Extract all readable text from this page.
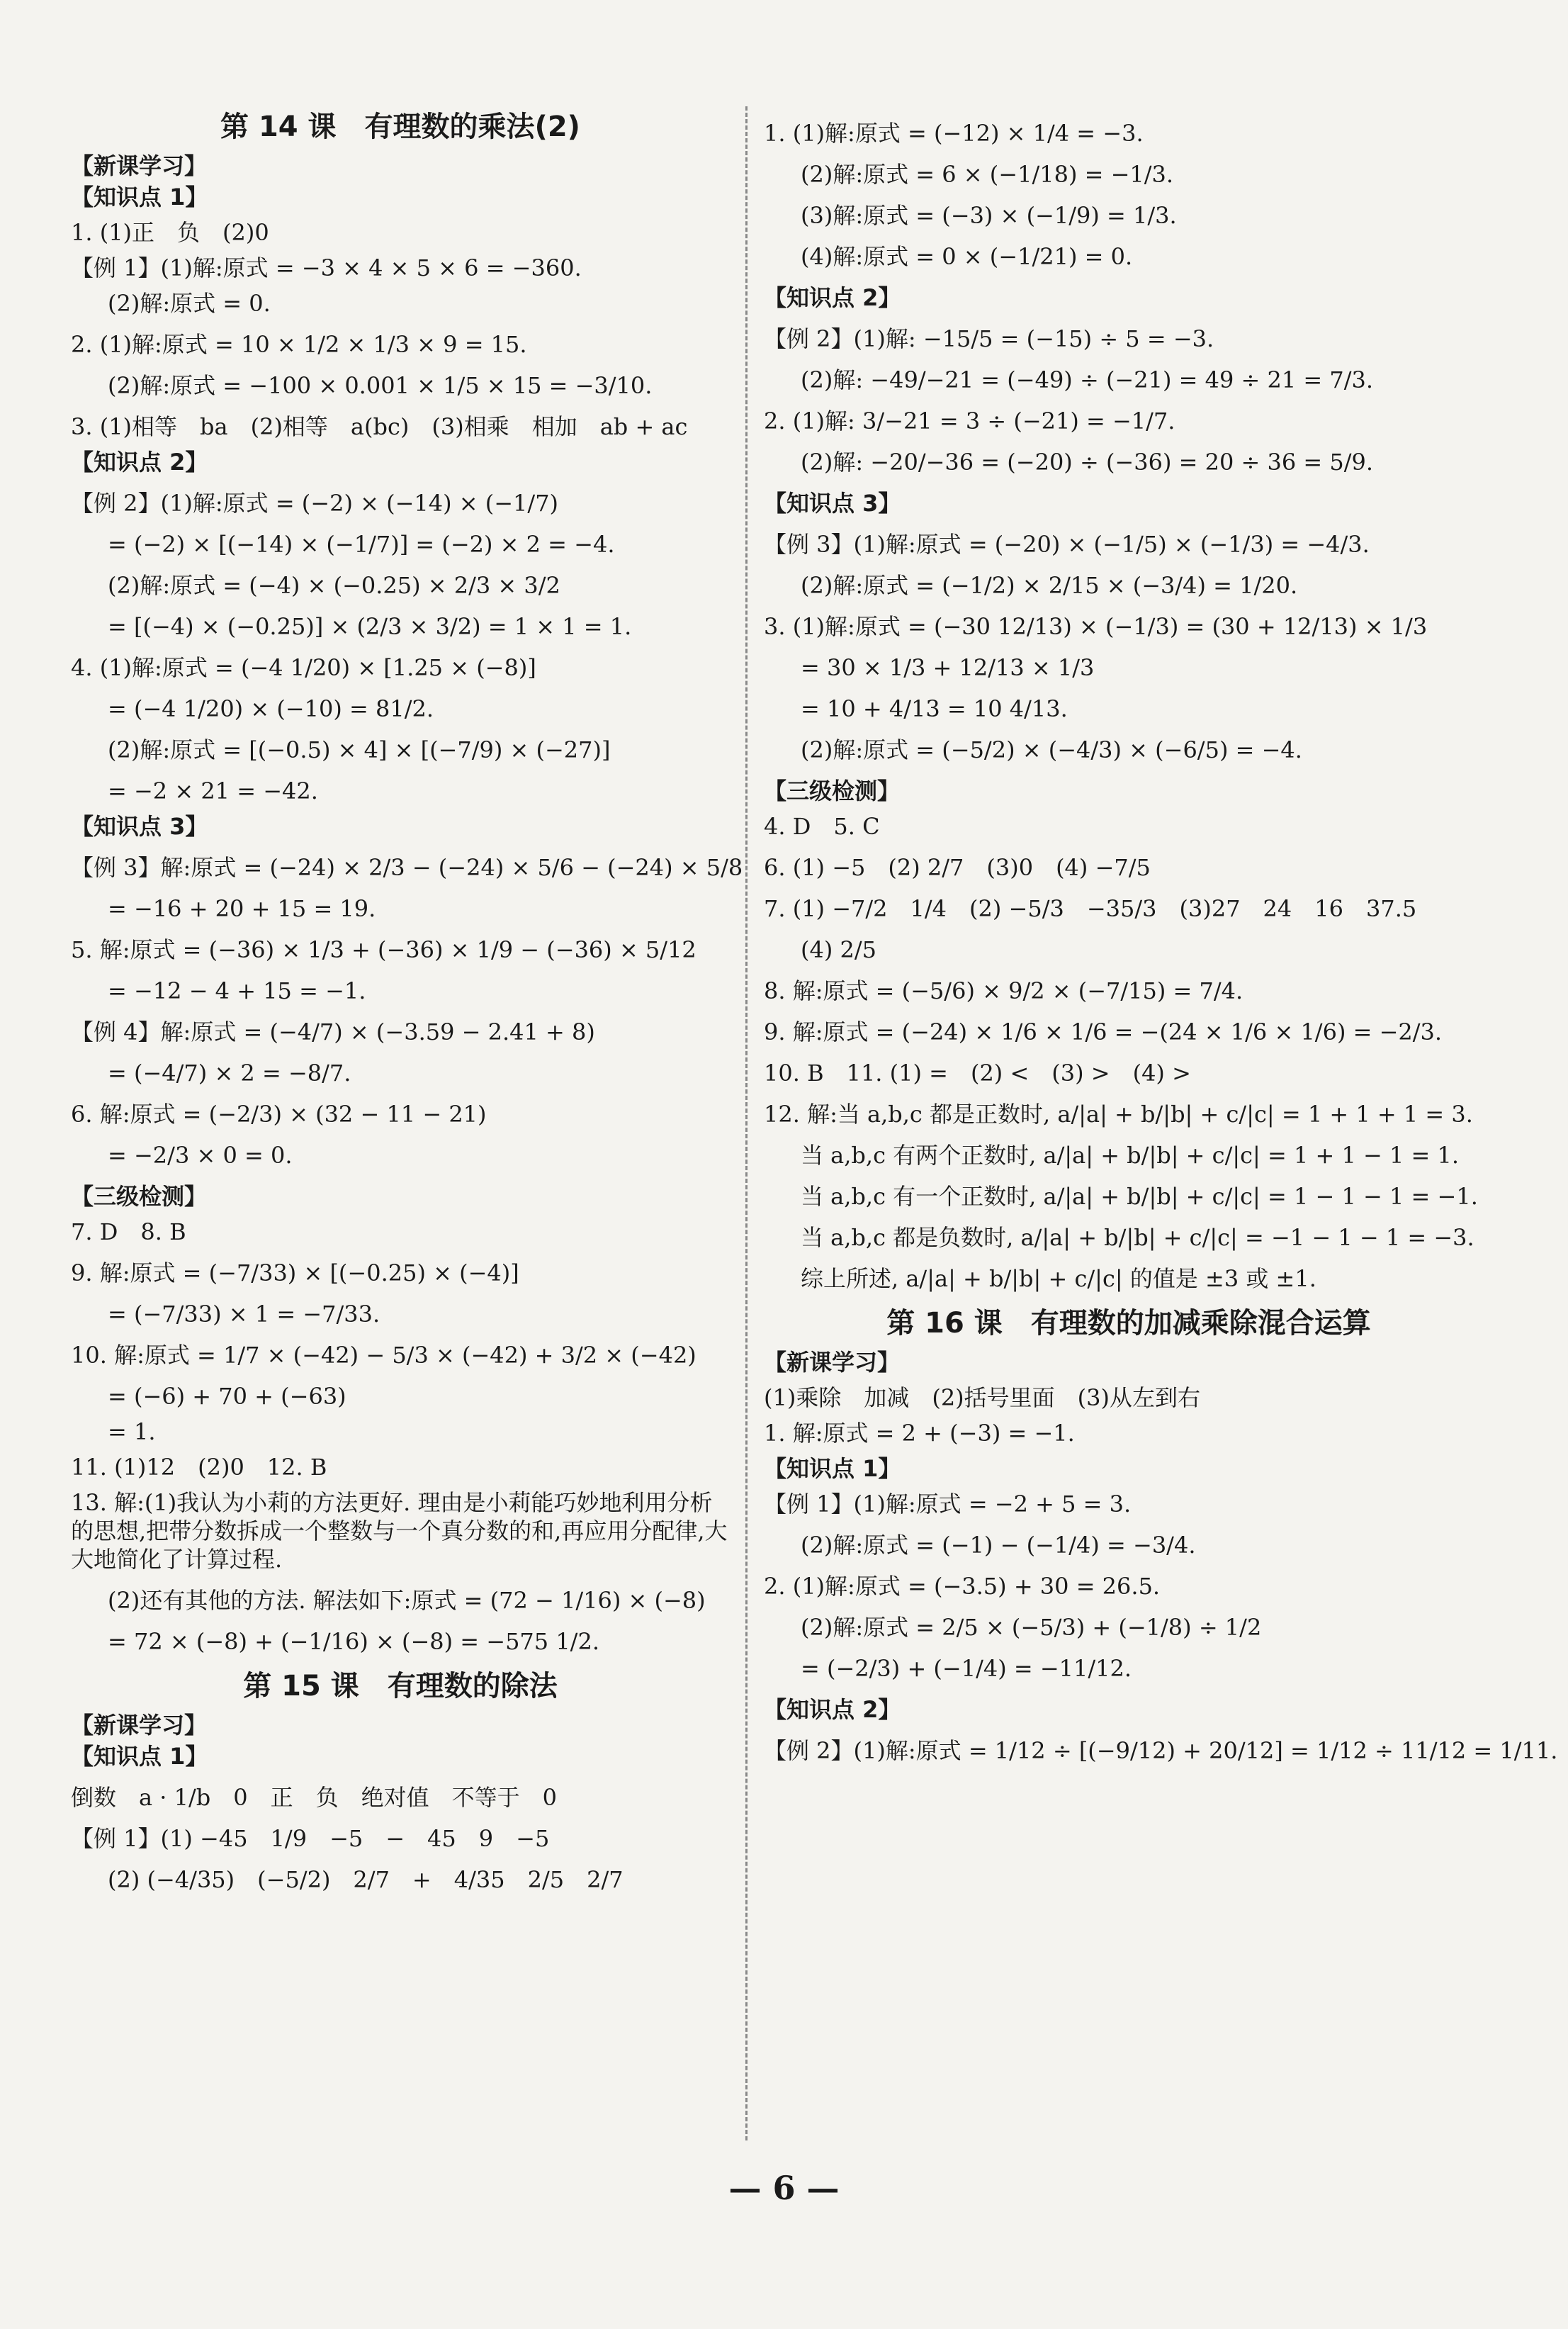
第 14 课　有理数的乘法(2)
【新课学习】
【知识点 1】
1. (1)正　负　(2)0
【例 1】(1)解:原式 = −3 × 4 × 5 × 6 = −360.
(2)解:原式 = 0.
2. (1)解:原式 = 10 × 1/2 × 1/3 × 9 = 15.
(2)解:原式 = −100 × 0.001 × 1/5 × 15 = −3/10.
3. (1)相等　ba　(2)相等　a(bc)　(3)相乘　相加　ab + ac
【知识点 2】
【例 2】(1)解:原式 = (−2) × (−14) × (−1/7)
= (−2) × [(−14) × (−1/7)] = (−2) × 2 = −4.
(2)解:原式 = (−4) × (−0.25) × 2/3 × 3/2
= [(−4) × (−0.25)] × (2/3 × 3/2) = 1 × 1 = 1.
4. (1)解:原式 = (−4 1/20) × [1.25 × (−8)]
= (−4 1/20) × (−10) = 81/2.
(2)解:原式 = [(−0.5) × 4] × [(−7/9) × (−27)]
= −2 × 21 = −42.
【知识点 3】
【例 3】解:原式 = (−24) × 2/3 − (−24) × 5/6 − (−24) × 5/8
= −16 + 20 + 15 = 19.
5. 解:原式 = (−36) × 1/3 + (−36) × 1/9 − (−36) × 5/12
= −12 − 4 + 15 = −1.
【例 4】解:原式 = (−4/7) × (−3.59 − 2.41 + 8)
= (−4/7) × 2 = −8/7.
6. 解:原式 = (−2/3) × (32 − 11 − 21)
= −2/3 × 0 = 0.
【三级检测】
7. D　8. B
9. 解:原式 = (−7/33) × [(−0.25) × (−4)]
= (−7/33) × 1 = −7/33.
10. 解:原式 = 1/7 × (−42) − 5/3 × (−42) + 3/2 × (−42)
= (−6) + 70 + (−63)
= 1.
11. (1)12　(2)0　12. B
13. 解:(1)我认为小莉的方法更好. 理由是小莉能巧妙地利用分析的思想,把带分数拆成一个整数与一个真分数的和,再应用分配律,大大地简化了计算过程.
(2)还有其他的方法. 解法如下:原式 = (72 − 1/16) × (−8)
= 72 × (−8) + (−1/16) × (−8) = −575 1/2.
第 15 课　有理数的除法
【新课学习】
【知识点 1】
倒数　a · 1/b　0　正　负　绝对值　不等于　0
【例 1】(1) −45　1/9　−5　−　45　9　−5
(2) (−4/35)　(−5/2)　2/7　+　4/35　2/5　2/7
1. (1)解:原式 = (−12) × 1/4 = −3.
(2)解:原式 = 6 × (−1/18) = −1/3.
(3)解:原式 = (−3) × (−1/9) = 1/3.
(4)解:原式 = 0 × (−1/21) = 0.
【知识点 2】
【例 2】(1)解: −15/5 = (−15) ÷ 5 = −3.
(2)解: −49/−21 = (−49) ÷ (−21) = 49 ÷ 21 = 7/3.
2. (1)解: 3/−21 = 3 ÷ (−21) = −1/7.
(2)解: −20/−36 = (−20) ÷ (−36) = 20 ÷ 36 = 5/9.
【知识点 3】
【例 3】(1)解:原式 = (−20) × (−1/5) × (−1/3) = −4/3.
(2)解:原式 = (−1/2) × 2/15 × (−3/4) = 1/20.
3. (1)解:原式 = (−30 12/13) × (−1/3) = (30 + 12/13) × 1/3
= 30 × 1/3 + 12/13 × 1/3
= 10 + 4/13 = 10 4/13.
(2)解:原式 = (−5/2) × (−4/3) × (−6/5) = −4.
【三级检测】
4. D　5. C
6. (1) −5　(2) 2/7　(3)0　(4) −7/5
7. (1) −7/2　1/4　(2) −5/3　−35/3　(3)27　24　16　37.5
(4) 2/5
8. 解:原式 = (−5/6) × 9/2 × (−7/15) = 7/4.
9. 解:原式 = (−24) × 1/6 × 1/6 = −(24 × 1/6 × 1/6) = −2/3.
10. B　11. (1) =　(2) <　(3) >　(4) >
12. 解:当 a,b,c 都是正数时, a/|a| + b/|b| + c/|c| = 1 + 1 + 1 = 3.
当 a,b,c 有两个正数时, a/|a| + b/|b| + c/|c| = 1 + 1 − 1 = 1.
当 a,b,c 有一个正数时, a/|a| + b/|b| + c/|c| = 1 − 1 − 1 = −1.
当 a,b,c 都是负数时, a/|a| + b/|b| + c/|c| = −1 − 1 − 1 = −3.
综上所述, a/|a| + b/|b| + c/|c| 的值是 ±3 或 ±1.
第 16 课　有理数的加减乘除混合运算
【新课学习】
(1)乘除　加减　(2)括号里面　(3)从左到右
1. 解:原式 = 2 + (−3) = −1.
【知识点 1】
【例 1】(1)解:原式 = −2 + 5 = 3.
(2)解:原式 = (−1) − (−1/4) = −3/4.
2. (1)解:原式 = (−3.5) + 30 = 26.5.
(2)解:原式 = 2/5 × (−5/3) + (−1/8) ÷ 1/2
= (−2/3) + (−1/4) = −11/12.
【知识点 2】
【例 2】(1)解:原式 = 1/12 ÷ [(−9/12) + 20/12] = 1/12 ÷ 11/12 = 1/11.
— 6 —
